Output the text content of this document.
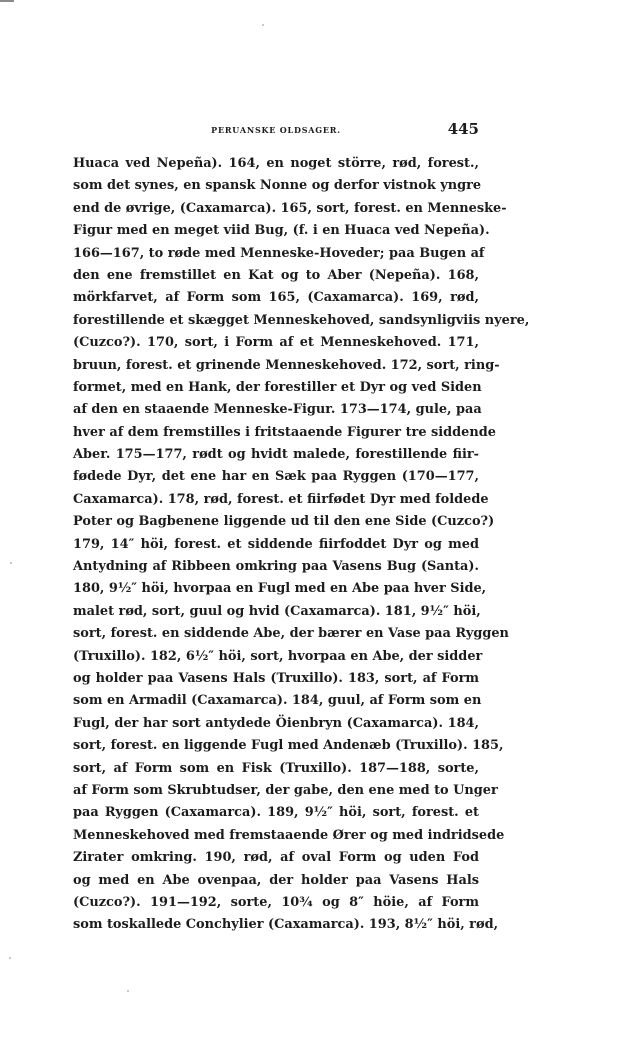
PERUANSKE OLDSAGER.	445
Huaca ved Nepeña). 164, en noget större, rød, forest.,
som det synes, en spansk Nonne og derfor vistnok yngre
end de øvrige, (Caxamarca). 165, sort, forest. en Menneske-
Figur med en meget viid Bug, (f. i en Huaca ved Nepeña).
166—167, to røde med Menneske-Hoveder; paa Bugen af
den ene fremstillet en Kat og to Aber (Nepeña). 168,
mörkfarvet, af Form som 165, (Caxamarca). 169, rød,
forestillende et skægget Menneskehoved, sandsynligviis nyere,
(Cuzco?). 170, sort, i Form af et Menneskehoved. 171,
bruun, forest. et grinende Menneskehoved. 172, sort, ring-
formet, med en Hank, der forestiller et Dyr og ved Siden
af den en staaende Menneske-Figur. 173—174, gule, paa
hver af dem fremstilles i fritstaaende Figurer tre siddende
Aber. 175—177, rødt og hvidt malede, forestillende fiir-
fødede Dyr, det ene har en Sæk paa Ryggen (170—177,
Caxamarca). 178, rød, forest. et fiirfødet Dyr med foldede
Poter og Bagbenene liggende ud til den ene Side (Cuzco?)
179, 14″ höi, forest. et siddende fiirfoddet Dyr og med
Antydning af Ribbeen omkring paa Vasens Bug (Santa).
180, 9½″ höi, hvorpaa en Fugl med en Abe paa hver Side,
malet rød, sort, guul og hvid (Caxamarca). 181, 9½″ höi,
sort, forest. en siddende Abe, der bærer en Vase paa Ryggen
(Truxillo). 182, 6½″ höi, sort, hvorpaa en Abe, der sidder
og holder paa Vasens Hals (Truxillo). 183, sort, af Form
som en Armadil (Caxamarca). 184, guul, af Form som en
Fugl, der har sort antydede Öienbryn (Caxamarca). 184,
sort, forest. en liggende Fugl med Andenæb (Truxillo). 185,
sort, af Form som en Fisk (Truxillo). 187—188, sorte,
af Form som Skrubtudser, der gabe, den ene med to Unger
paa Ryggen (Caxamarca). 189, 9½″ höi, sort, forest. et
Menneskehoved med fremstaaende Ører og med indridsede
Zirater omkring. 190, rød, af oval Form og uden Fod
og med en Abe ovenpaa, der holder paa Vasens Hals
(Cuzco?). 191—192, sorte, 10¾ og 8″ höie, af Form
som toskallede Conchylier (Caxamarca). 193, 8½″ höi, rød,
